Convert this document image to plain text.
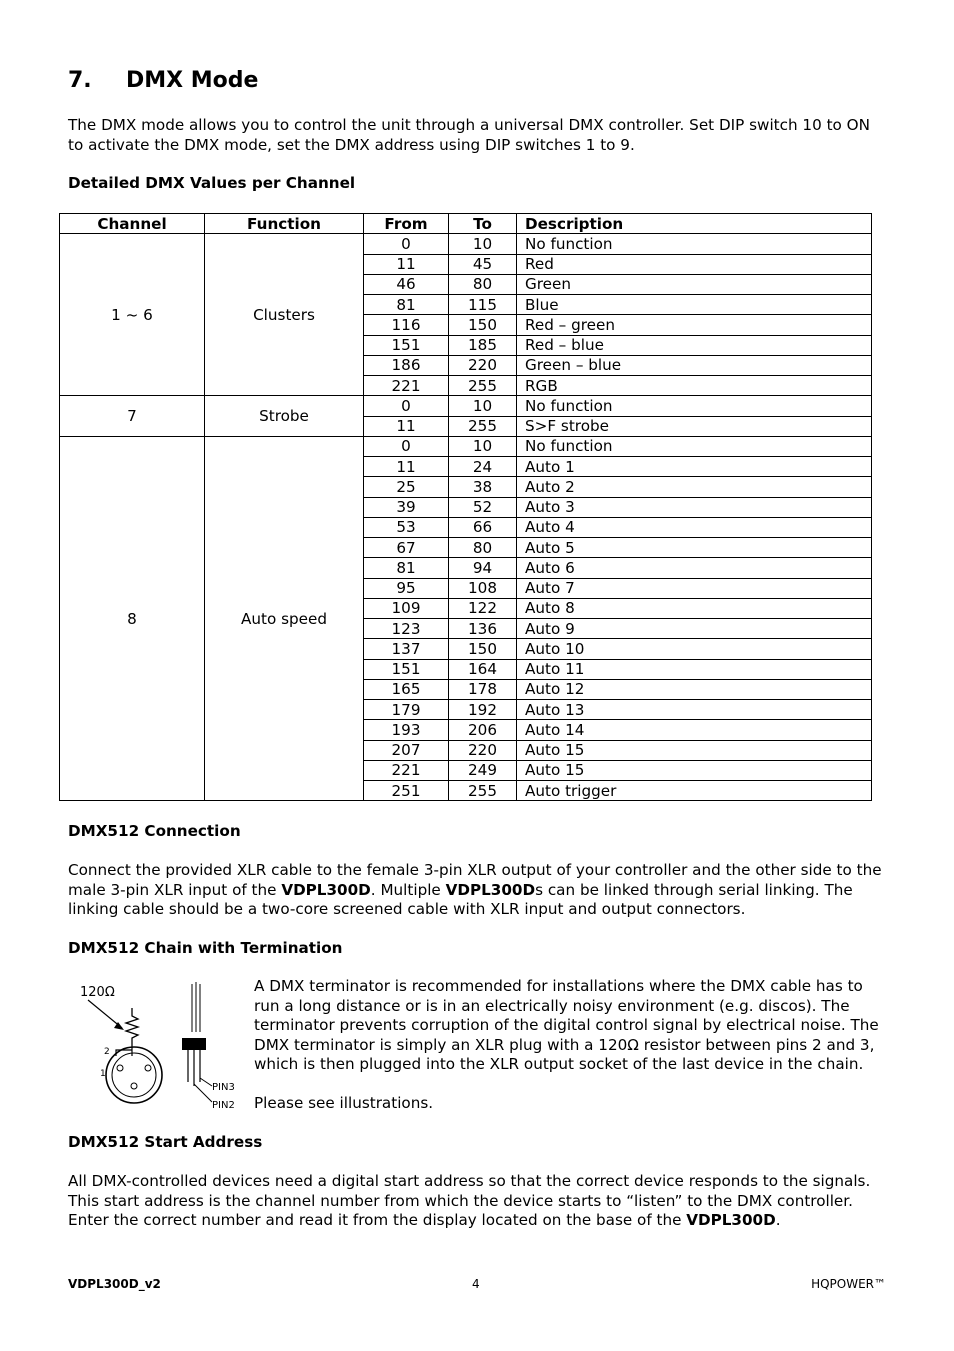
7. DMX Mode

The DMX mode allows you to control the unit through a universal DMX controller. Set DIP switch 10 to ON to activate the DMX mode, set the DMX address using DIP switches 1 to 9.

Detailed DMX Values per Channel
Channel	Function	From	To	Description
1 ~ 6	Clusters	0	10	No function
		11	45	Red
		46	80	Green
		81	115	Blue
		116	150	Red – green
		151	185	Red – blue
		186	220	Green – blue
		221	255	RGB
7	Strobe	0	10	No function
		11	255	S>F strobe
8	Auto speed	0	10	No function
		11	24	Auto 1
		25	38	Auto 2
		39	52	Auto 3
		53	66	Auto 4
		67	80	Auto 5
		81	94	Auto 6
		95	108	Auto 7
		109	122	Auto 8
		123	136	Auto 9
		137	150	Auto 10
		151	164	Auto 11
		165	178	Auto 12
		179	192	Auto 13
		193	206	Auto 14
		207	220	Auto 15
		221	249	Auto 15
		251	255	Auto trigger
DMX512 Connection

Connect the provided XLR cable to the female 3-pin XLR output of your controller and the other side to the male 3-pin XLR input of the VDPL300D. Multiple VDPL300Ds can be linked through serial linking. The linking cable should be a two-core screened cable with XLR input and output connectors.

DMX512 Chain with Termination
120Ω
2
1
PIN3
PIN2

A DMX terminator is recommended for installations where the DMX cable has to run a long distance or is in an electrically noisy environment (e.g. discos). The terminator prevents corruption of the digital control signal by electrical noise. The DMX terminator is simply an XLR plug with a 120Ω resistor between pins 2 and 3, which is then plugged into the XLR output socket of the last device in the chain.

Please see illustrations.

DMX512 Start Address

All DMX-controlled devices need a digital start address so that the correct device responds to the signals. This start address is the channel number from which the device starts to “listen” to the DMX controller. Enter the correct number and read it from the display located on the base of the VDPL300D.

VDPL300D_v2	4	HQPOWER™
